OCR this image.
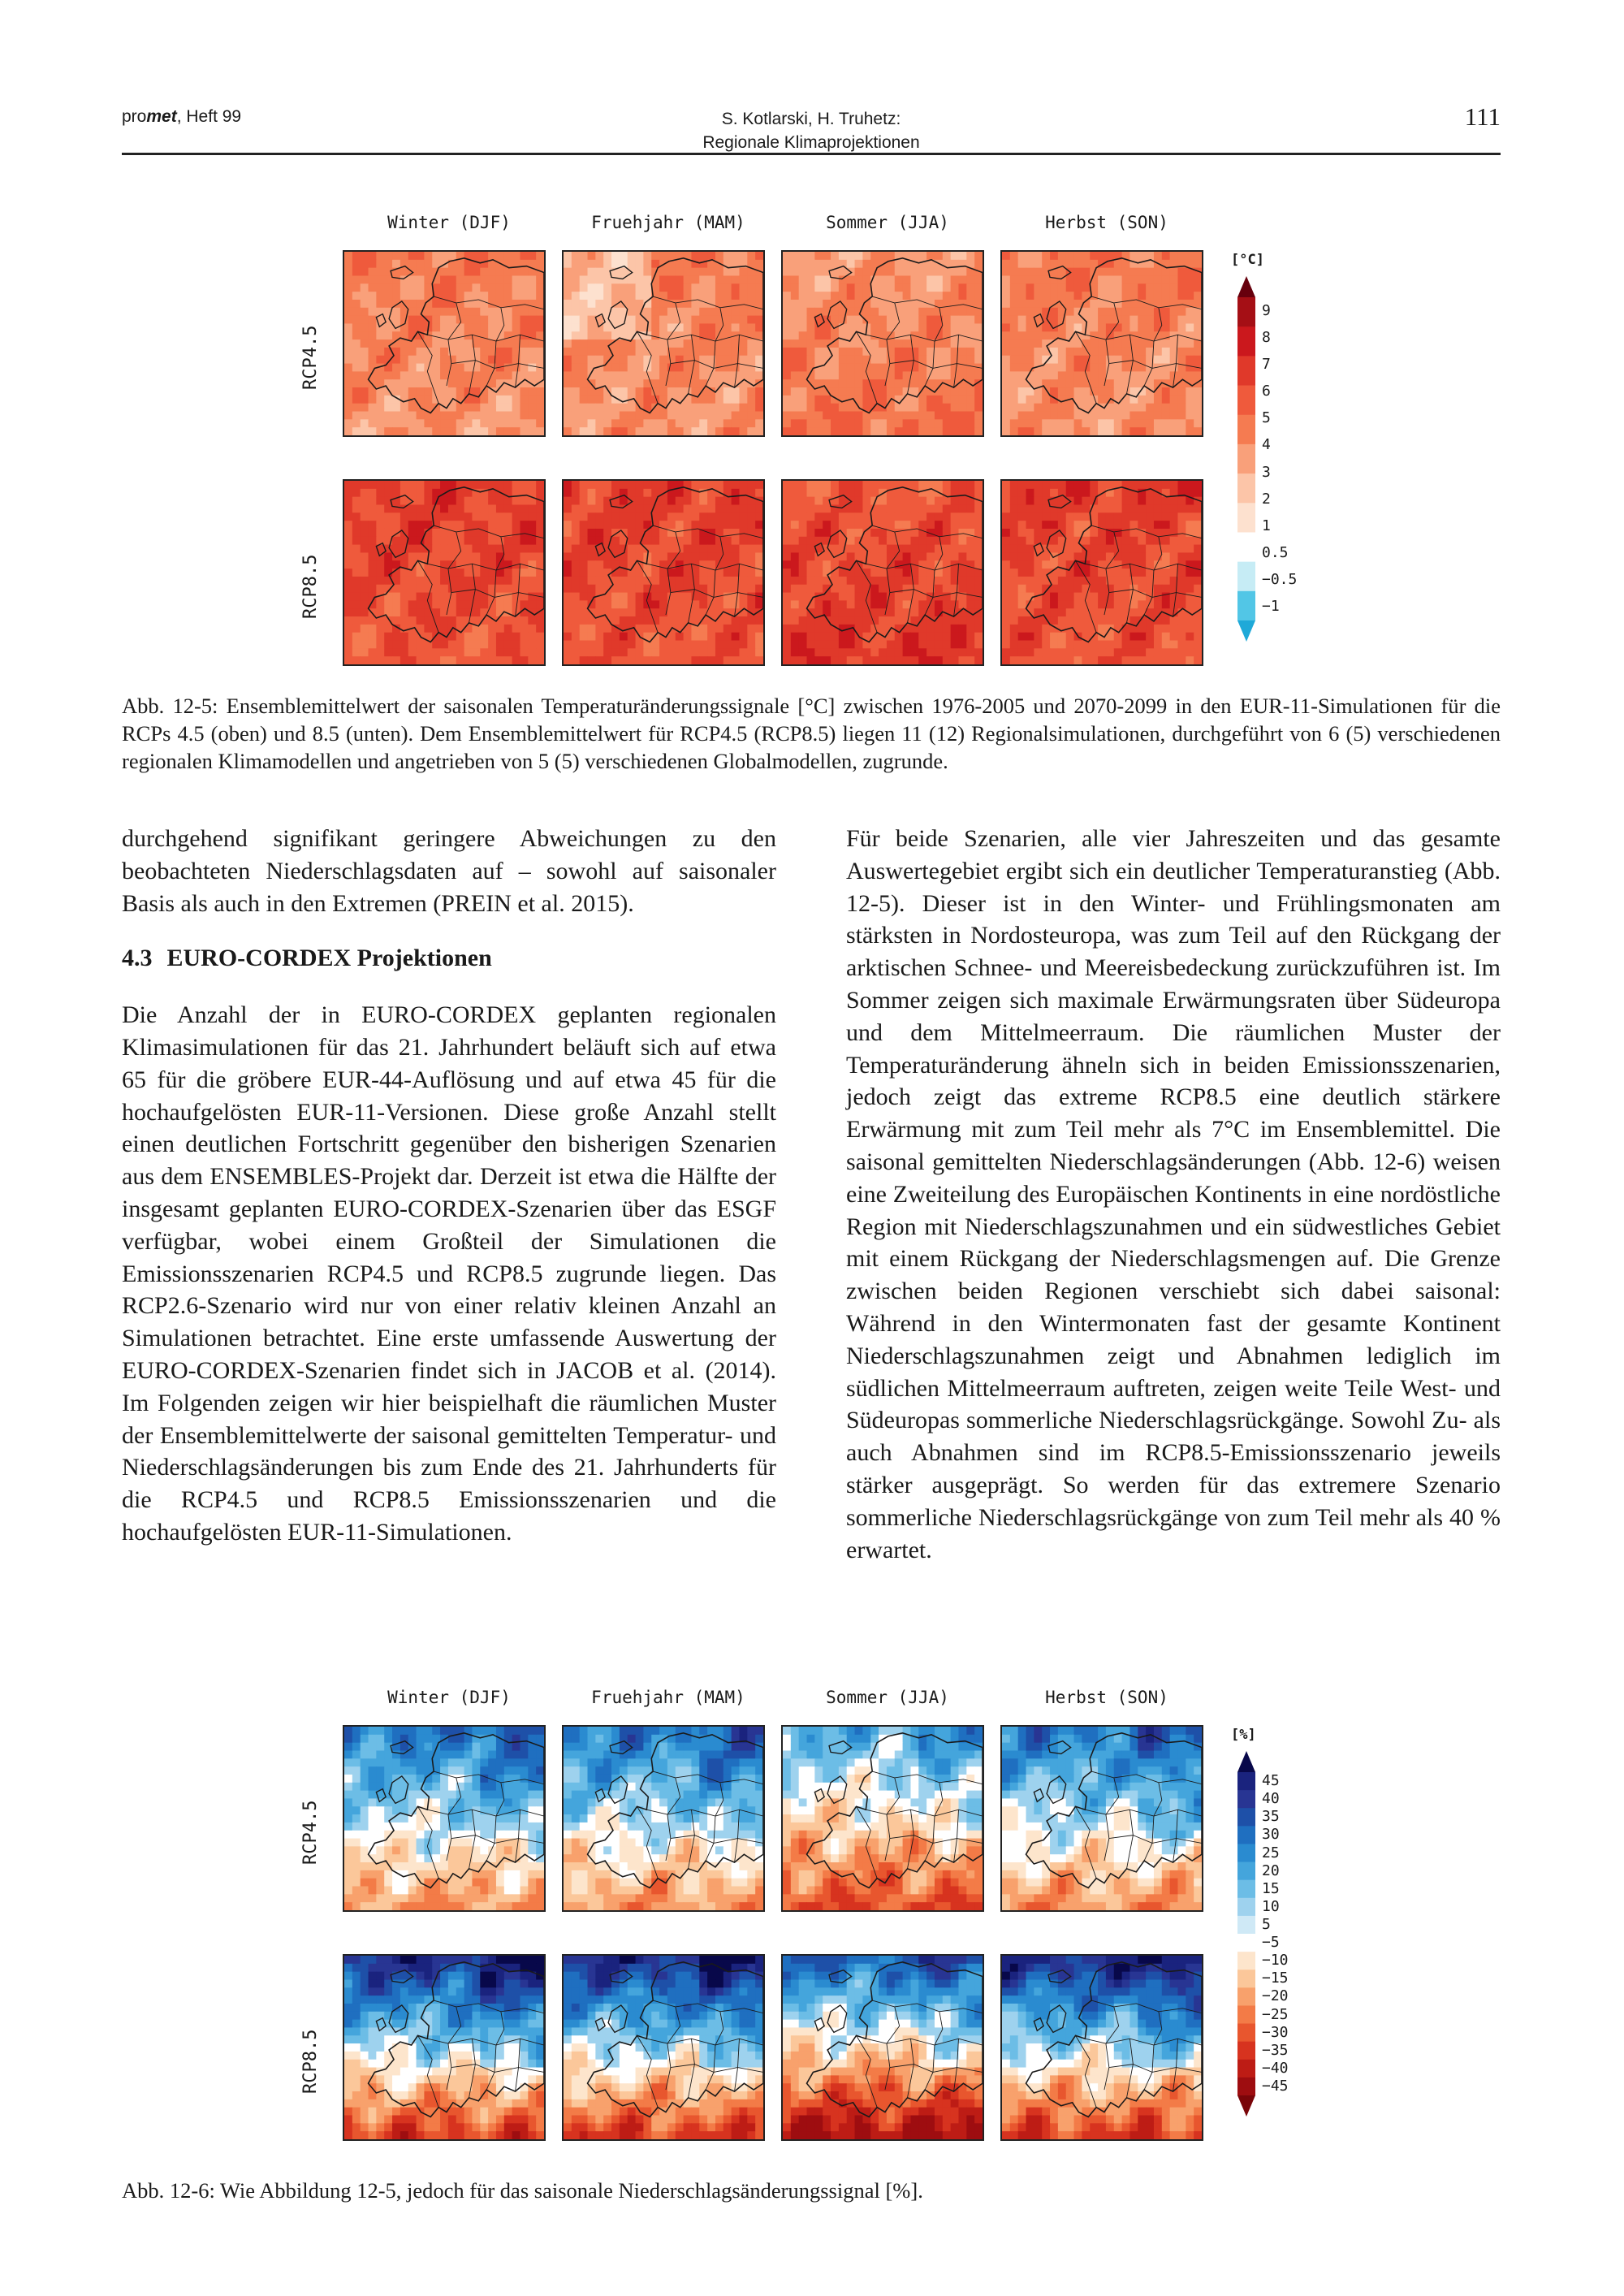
promet, Heft 99	S. Kotlarski, H. Truhetz:
Regionale Klimaprojektionen
111
Winter (DJF)	Fruehjahr (MAM)	Sommer (JJA)	Herbst (SON)
RCP4.5
RCP8.5
[°C]
9
8
7
6
5
4
3
2
1
0.5
−0.5
−1
Abb. 12-5: Ensemblemittelwert der saisonalen Temperaturänderungssignale [°C] zwischen 1976-2005 und 2070-2099 in den EUR-11-Simulationen für die RCPs 4.5 (oben) und 8.5 (unten). Dem Ensemblemittelwert für RCP4.5 (RCP8.5) liegen 11 (12) Regionalsimulationen, durchgeführt von 6 (5) verschiedenen regionalen Klimamodellen und angetrieben von 5 (5) verschiedenen Globalmodellen, zugrunde.

durchgehend signifikant geringere Abweichungen zu den beobachteten Niederschlagsdaten auf – sowohl auf saisonaler Basis als auch in den Extremen (PREIN et al. 2015).

4.3 EURO-CORDEX Projektionen

Die Anzahl der in EURO-CORDEX geplanten regionalen Klimasimulationen für das 21. Jahrhundert beläuft sich auf etwa 65 für die gröbere EUR-44-Auflösung und auf etwa 45 für die hochaufgelösten EUR-11-Versionen. Diese große Anzahl stellt einen deutlichen Fortschritt gegenüber den bisherigen Szenarien aus dem ENSEMBLES-Projekt dar. Derzeit ist etwa die Hälfte der insgesamt geplanten EURO-CORDEX-Szenarien über das ESGF verfügbar, wobei einem Großteil der Simulationen die Emissionsszenarien RCP4.5 und RCP8.5 zugrunde liegen. Das RCP2.6-Szenario wird nur von einer relativ kleinen Anzahl an Simulationen betrachtet. Eine erste umfassende Auswertung der EURO-CORDEX-Szenarien findet sich in JACOB et al. (2014). Im Folgenden zeigen wir hier beispielhaft die räumlichen Muster der Ensemblemittelwerte der saisonal gemittelten Temperatur- und Niederschlagsänderungen bis zum Ende des 21. Jahrhunderts für die RCP4.5 und RCP8.5 Emissionsszenarien und die hochaufgelösten EUR-11-Simulationen.

Für beide Szenarien, alle vier Jahreszeiten und das gesamte Auswertegebiet ergibt sich ein deutlicher Temperaturanstieg (Abb. 12-5). Dieser ist in den Winter- und Frühlingsmonaten am stärksten in Nordosteuropa, was zum Teil auf den Rückgang der arktischen Schnee- und Meereisbedeckung zurückzuführen ist. Im Sommer zeigen sich maximale Erwärmungsraten über Südeuropa und dem Mittelmeerraum. Die räumlichen Muster der Temperaturänderung ähneln sich in beiden Emissionsszenarien, jedoch zeigt das extreme RCP8.5 eine deutlich stärkere Erwärmung mit zum Teil mehr als 7°C im Ensemblemittel. Die saisonal gemittelten Niederschlagsänderungen (Abb. 12-6) weisen eine Zweiteilung des Europäischen Kontinents in eine nordöstliche Region mit Niederschlagszunahmen und ein südwestliches Gebiet mit einem Rückgang der Niederschlagsmengen auf. Die Grenze zwischen beiden Regionen verschiebt sich dabei saisonal: Während in den Wintermonaten fast der gesamte Kontinent Niederschlagszunahmen zeigt und Abnahmen lediglich im südlichen Mittelmeerraum auftreten, zeigen weite Teile West- und Südeuropas sommerliche Niederschlagsrückgänge. Sowohl Zu- als auch Abnahmen sind im RCP8.5-Emissionsszenario jeweils stärker ausgeprägt. So werden für das extremere Szenario sommerliche Niederschlagsrückgänge von zum Teil mehr als 40 % erwartet.

Winter (DJF)	Fruehjahr (MAM)	Sommer (JJA)	Herbst (SON)
RCP4.5
RCP8.5
[%]
45
40
35
30
25
20
15
10
5
−5
−10
−15
−20
−25
−30
−35
−40
−45
Abb. 12-6: Wie Abbildung 12-5, jedoch für das saisonale Niederschlagsänderungssignal [%].
